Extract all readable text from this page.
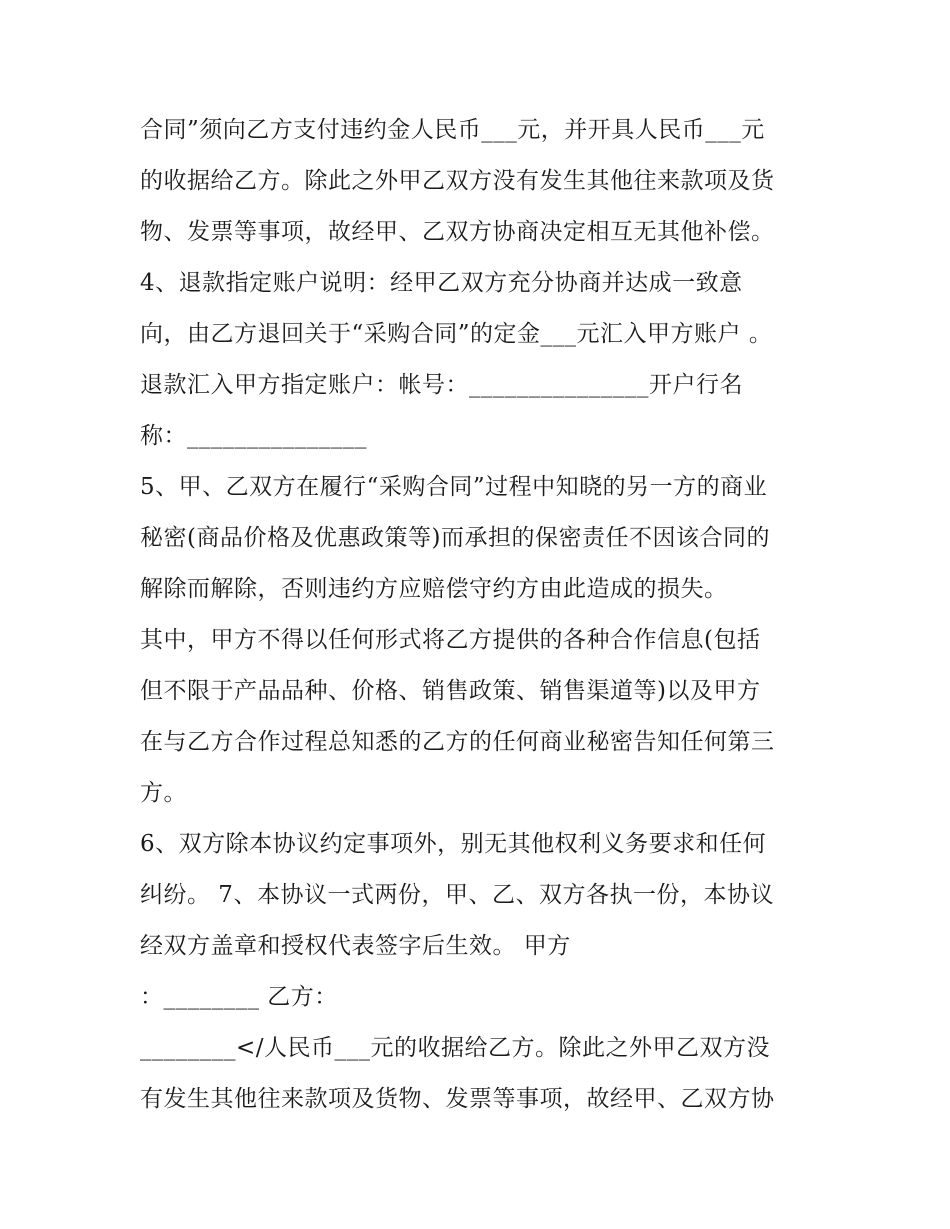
合同”须向乙方支付违约金人民币___元，并开具人民币___元
的收据给乙方。除此之外甲乙双方没有发生其他往来款项及货
物、发票等事项，故经甲、乙双方协商决定相互无其他补偿。
4、退款指定账户说明：经甲乙双方充分协商并达成一致意
向，由乙方退回关于“采购合同”的定金___元汇入甲方账户 。
退款汇入甲方指定账户：帐号：_______________开户行名
称：_______________
5、甲、乙双方在履行“采购合同”过程中知晓的另一方的商业
秘密(商品价格及优惠政策等)而承担的保密责任不因该合同的
解除而解除，否则违约方应赔偿守约方由此造成的损失。
其中，甲方不得以任何形式将乙方提供的各种合作信息(包括
但不限于产品品种、价格、销售政策、销售渠道等)以及甲方
在与乙方合作过程总知悉的乙方的任何商业秘密告知任何第三
方。
6、双方除本协议约定事项外，别无其他权利义务要求和任何
纠纷。 7、本协议一式两份，甲、乙、双方各执一份，本协议
经双方盖章和授权代表签字后生效。 甲方
：________ 乙方：
________</人民币___元的收据给乙方。除此之外甲乙双方没
有发生其他往来款项及货物、发票等事项，故经甲、乙双方协
